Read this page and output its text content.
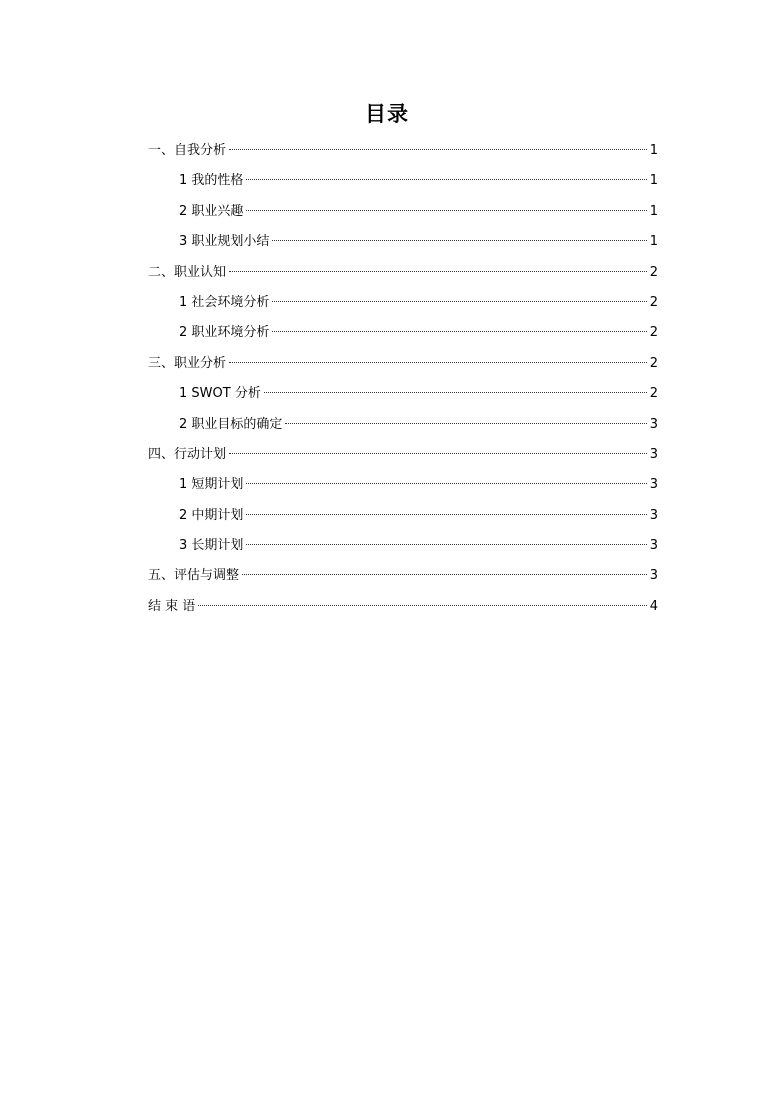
目录
一、自我分析	1
1 我的性格	1
2 职业兴趣	1
3 职业规划小结	1
二、职业认知	2
1 社会环境分析	2
2 职业环境分析	2
三、职业分析	2
1 SWOT 分析	2
2 职业目标的确定	3
四、行动计划	3
1 短期计划	3
2 中期计划	3
3 长期计划	3
五、评估与调整	3
结 束 语	4
